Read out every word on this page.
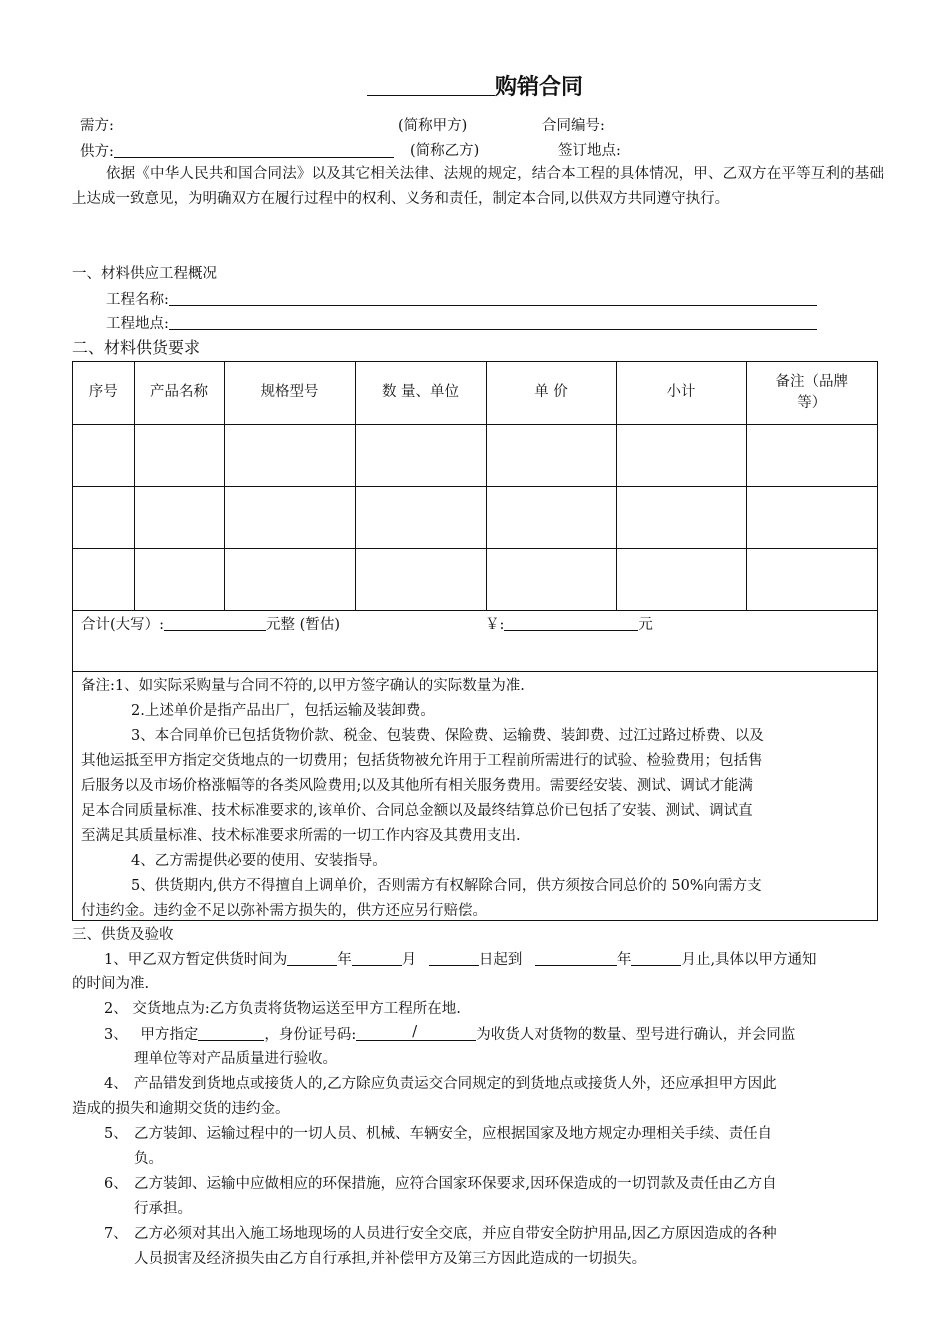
购销合同
需方:	(简称甲方)	合同编号:
供方:	(简称乙方)	签订地点:
依据《中华人民共和国合同法》以及其它相关法律、法规的规定，结合本工程的具体情况，甲、乙双方在平等互利的基础上达成一致意见，为明确双方在履行过程中的权利、义务和责任，制定本合同,以供双方共同遵守执行。
一、材料供应工程概况
工程名称:
工程地点:
二、材料供货要求
序号	产品名称	规格型号	数 量、单位	单 价	小计	备注（品牌等）

合计(大写）:	元整 (暂估)	￥:	元
备注:1、如实际采购量与合同不符的,以甲方签字确认的实际数量为准.
2.上述单价是指产品出厂，包括运输及装卸费。
3、本合同单价已包括货物价款、税金、包装费、保险费、运输费、装卸费、过江过路过桥费、以及
其他运抵至甲方指定交货地点的一切费用；包括货物被允许用于工程前所需进行的试验、检验费用；包括售
后服务以及市场价格涨幅等的各类风险费用;以及其他所有相关服务费用。需要经安装、测试、调试才能满
足本合同质量标准、技术标准要求的,该单价、合同总金额以及最终结算总价已包括了安装、测试、调试直
至满足其质量标准、技术标准要求所需的一切工作内容及其费用支出.
4、乙方需提供必要的使用、安装指导。
5、供货期内,供方不得擅自上调单价，否则需方有权解除合同，供方须按合同总价的 50%向需方支
付违约金。违约金不足以弥补需方损失的，供方还应另行赔偿。
三、供货及验收
1、甲乙双方暂定供货时间为	年	月	日起到	年	月止,具体以甲方通知
的时间为准.
2、 交货地点为:乙方负责将货物运送至甲方工程所在地.
3、 甲方指定	，身份证号码:	/	为收货人对货物的数量、型号进行确认，并会同监
理单位等对产品质量进行验收。
4、 产品错发到货地点或接货人的,乙方除应负责运交合同规定的到货地点或接货人外，还应承担甲方因此
造成的损失和逾期交货的违约金。
5、 乙方装卸、运输过程中的一切人员、机械、车辆安全，应根据国家及地方规定办理相关手续、责任自
负。
6、 乙方装卸、运输中应做相应的环保措施，应符合国家环保要求,因环保造成的一切罚款及责任由乙方自
行承担。
7、 乙方必须对其出入施工场地现场的人员进行安全交底，并应自带安全防护用品,因乙方原因造成的各种
人员损害及经济损失由乙方自行承担,并补偿甲方及第三方因此造成的一切损失。
